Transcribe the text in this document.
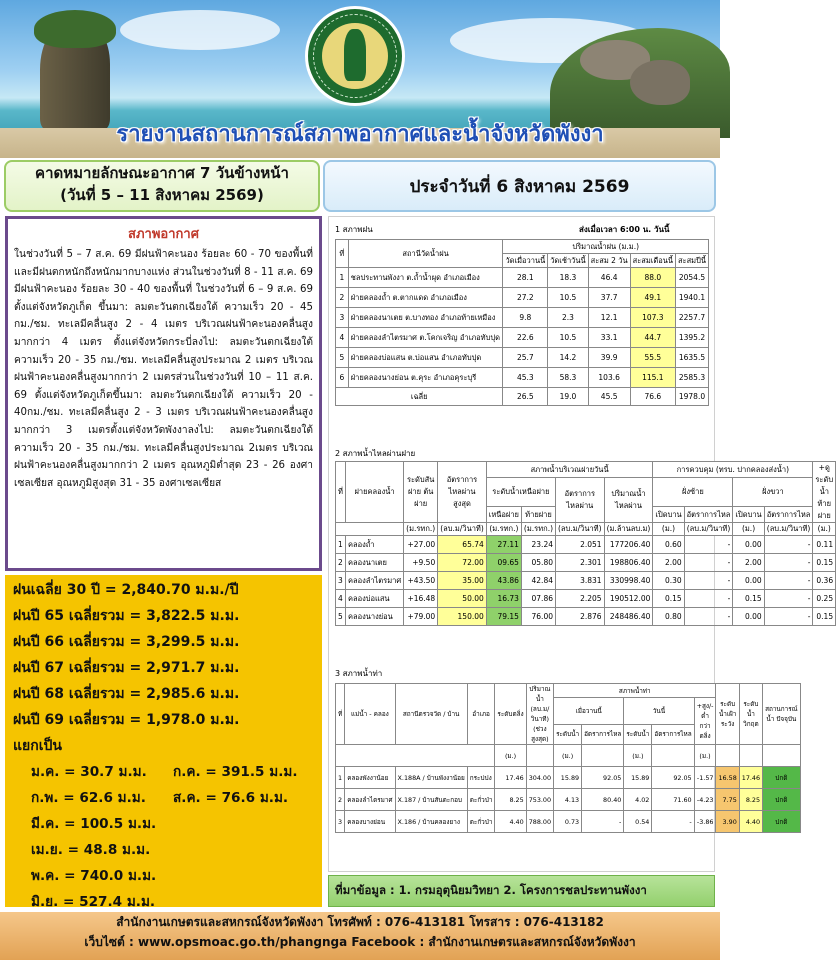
รายงานสถานการณ์สภาพอากาศและน้ำจังหวัดพังงา
คาดหมายลักษณะอากาศ 7 วันข้างหน้า
(วันที่ 5 – 11 สิงหาคม 2569)	ประจำวันที่ 6 สิงหาคม 2569
สภาพอากาศ
ในช่วงวันที่ 5 – 7 ส.ค. 69 มีฝนฟ้าคะนอง ร้อยละ 60 - 70 ของพื้นที่ และมีฝนตกหนักถึงหนักมากบางแห่ง ส่วนในช่วงวันที่ 8 - 11 ส.ค. 69 มีฝนฟ้าคะนอง ร้อยละ 30 - 40 ของพื้นที่ ในช่วงวันที่ 6 – 9 ส.ค. 69 ตั้งแต่จังหวัดภูเก็ต ขึ้นมา: ลมตะวันตกเฉียงใต้ ความเร็ว 20 - 45 กม./ชม. ทะเลมีคลื่นสูง 2 - 4 เมตร บริเวณฝนฟ้าคะนองคลื่นสูงมากกว่า 4 เมตร ตั้งแต่จังหวัดกระบี่ลงไป: ลมตะวันตกเฉียงใต้ ความเร็ว 20 - 35 กม./ชม. ทะเลมีคลื่นสูงประมาณ 2 เมตร บริเวณฝนฟ้าคะนองคลื่นสูงมากกว่า 2 เมตรส่วนในช่วงวันที่ 10 – 11 ส.ค. 69 ตั้งแต่จังหวัดภูเก็ตขึ้นมา: ลมตะวันตกเฉียงใต้ ความเร็ว 20 - 40กม./ชม. ทะเลมีคลื่นสูง 2 - 3 เมตร บริเวณฝนฟ้าคะนองคลื่นสูงมากกว่า 3 เมตรตั้งแต่จังหวัดพังงาลงไป: ลมตะวันตกเฉียงใต้ ความเร็ว 20 - 35 กม./ชม. ทะเลมีคลื่นสูงประมาณ 2เมตร บริเวณฝนฟ้าคะนองคลื่นสูงมากกว่า 2 เมตร อุณหภูมิต่ำสุด 23 - 26 องศาเซลเซียส อุณหภูมิสูงสุด 31 - 35 องศาเซลเซียส
ฝนเฉลี่ย 30 ปี = 2,840.70 ม.ม./ปี
ฝนปี 65 เฉลี่ยรวม = 3,822.5 ม.ม.
ฝนปี 66 เฉลี่ยรวม = 3,299.5 ม.ม.
ฝนปี 67 เฉลี่ยรวม = 2,971.7 ม.ม.
ฝนปี 68 เฉลี่ยรวม = 2,985.6 ม.ม.
ฝนปี 69 เฉลี่ยรวม = 1,978.0 ม.ม.
แยกเป็น
ม.ค. = 30.7 ม.ม.	ก.ค. = 391.5 ม.ม.
ก.พ. = 62.6 ม.ม.	ส.ค. = 76.6 ม.ม.
มี.ค. = 100.5 ม.ม.
เม.ย. = 48.8 ม.ม.
พ.ค. = 740.0 ม.ม.
มิ.ย. = 527.4 ม.ม.
1 สภาพฝน	ส่งเมื่อเวลา 6:00 น. วันนี้
ที่	สถานีวัดน้ำฝน	ปริมาณน้ำฝน (ม.ม.)				
		วัดเมื่อวานนี้	วัดเช้าวันนี้	สะสม 2 วัน	สะสมเดือนนี้	สะสมปีนี้
1	ชลประทานพังงา ต.ถ้ำน้ำผุด อำเภอเมือง	28.1	18.3	46.4	88.0	2054.5
2	ฝ่ายคลองถ้ำ ต.ตากแดด อำเภอเมือง	27.2	10.5	37.7	49.1	1940.1
3	ฝ่ายคลองนาเตย ต.บางทอง อำเภอท้ายเหมือง	9.8	2.3	12.1	107.3	2257.7
4	ฝ่ายคลองลำไตรมาศ ต.โคกเจริญ อำเภอทับปุด	22.6	10.5	33.1	44.7	1395.2
5	ฝ่ายคลองบ่อแสน ต.บ่อแสน อำเภอทับปุด	25.7	14.2	39.9	55.5	1635.5
6	ฝ่ายคลองนางย่อน ต.คุระ อำเภอคุระบุรี	45.3	58.3	103.6	115.1	2585.3
เฉลี่ย		26.5	19.0	45.5	76.6	1978.0
2 สภาพน้ำไหลผ่านฝาย
ที่	ฝายคลองน้ำ	ระดับสันฝาย ต้นฝาย	อัตราการไหลผ่านสูงสุด	สภาพน้ำบริเวณฝายวันนี้				การควบคุม (ทรบ. ปากคลองส่งน้ำ)				+ดูระดับน้ำท้ายฝาย
				ระดับน้ำเหนือฝาย		อัตราการไหลผ่าน	ปริมาณน้ำไหลผ่าน	ฝั่งซ้าย		ฝั่งขวา		
				เหนือฝาย	ท้ายฝาย			เปิดบาน	อัตราการไหล	เปิดบาน	อัตราการไหล	
		(ม.รทก.)	(ลบ.ม/วินาที)	(ม.รทก.)	(ม.รทก.)	(ลบ.ม/วินาที)	(ม.ล้านลบ.ม)	(ม.)	(ลบ.ม/วินาที)	(ม.)	(ลบ.ม/วินาที)	(ม.)
1	คลองถ้ำ	+27.00	65.74	27.11	23.24	2.051	177206.40	0.60	-	0.00	-	0.11
2	คลองนาเตย	+9.50	72.00	09.65	05.80	2.301	198806.40	2.00	-	2.00	-	0.15
3	คลองลำไตรมาศ	+43.50	35.00	43.86	42.84	3.831	330998.40	0.30	-	0.00	-	0.36
4	คลองบ่อแสน	+16.48	50.00	16.73	07.86	2.205	190512.00	0.15	-	0.15	-	0.25
5	คลองนางย่อน	+79.00	150.00	79.15	76.00	2.876	248486.40	0.80	-	0.00	-	0.15
3 สภาพน้ำท่า
ที่	แม่น้ำ - คลอง	สถานีตรวจวัด / บ้าน	อำเภอ	ระดับตลิ่ง	ปริมาณน้ำ (ลบ.ม/วินาที) (ช่วงสูงสุด)	สภาพน้ำท่า					ระดับน้ำเฝ้าระวัง	ระดับน้ำวิกฤต	สถานการณ์น้ำ ปัจจุบัน
						เมื่อวานนี้		วันนี้		+สูง/-ต่ำกว่าตลิ่ง			
						ระดับน้ำ	อัตราการไหล	ระดับน้ำ	อัตราการไหล				
				(ม.)		(ม.)		(ม.)		(ม.)			
1	คลองพังงาน้อย	X.188A / บ้านพังงาน้อย	กระบ่ปง	17.46	304.00	15.89	92.05	15.89	92.05	-1.57	16.58	17.46	ปกติ
2	คลองลำไตรมาศ	X.187 / บ้านสันตะกอบ	ตะกั่วป่า	8.25	753.00	4.13	80.40	4.02	71.60	-4.23	7.75	8.25	ปกติ
3	คลองบางย่อน	X.186 / บ้านคลองยาง	ตะกั่วป่า	4.40	788.00	0.73	-	0.54	-	-3.86	3.90	4.40	ปกติ
ที่มาข้อมูล : 1. กรมอุตุนิยมวิทยา 2. โครงการชลประทานพังงา
สำนักงานเกษตรและสหกรณ์จังหวัดพังงา โทรศัพท์ : 076-413181 โทรสาร : 076-413182
เว็บไซต์ : www.opsmoac.go.th/phangnga Facebook : สำนักงานเกษตรและสหกรณ์จังหวัดพังงา
